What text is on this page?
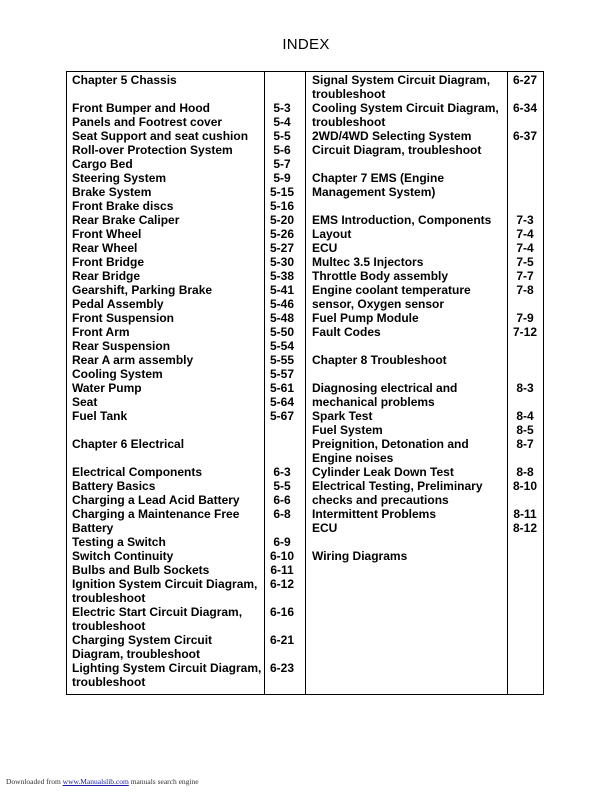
INDEX
Chapter 5 Chassis
Front Bumper and Hood	5-3
Panels and Footrest cover	5-4
Seat Support and seat cushion	5-5
Roll-over Protection System	5-6
Cargo Bed	5-7
Steering System	5-9
Brake System	5-15
Front Brake discs	5-16
Rear Brake Caliper	5-20
Front Wheel	5-26
Rear Wheel	5-27
Front Bridge	5-30
Rear Bridge	5-38
Gearshift, Parking Brake	5-41
Pedal Assembly	5-46
Front Suspension	5-48
Front Arm	5-50
Rear Suspension	5-54
Rear A arm assembly	5-55
Cooling System	5-57
Water Pump	5-61
Seat	5-64
Fuel Tank	5-67
Chapter 6 Electrical
Electrical Components	6-3
Battery Basics	5-5
Charging a Lead Acid Battery	6-6
Charging a Maintenance Free Battery
6-8
Testing a Switch	6-9
Switch Continuity	6-10
Bulbs and Bulb Sockets	6-11
Ignition System Circuit Diagram, troubleshoot
6-12
Electric Start Circuit Diagram, troubleshoot
6-16
Charging System Circuit Diagram, troubleshoot
6-21
Lighting System Circuit Diagram, troubleshoot
6-23
Signal System Circuit Diagram, troubleshoot
6-27
Cooling System Circuit Diagram, troubleshoot
6-34
2WD/4WD Selecting System Circuit Diagram, troubleshoot
6-37
Chapter 7 EMS (Engine Management System)
EMS Introduction, Components	7-3
Layout	7-4
ECU	7-4
Multec 3.5 Injectors	7-5
Throttle Body assembly	7-7
Engine coolant temperature sensor, Oxygen sensor
7-8
Fuel Pump Module	7-9
Fault Codes	7-12
Chapter 8 Troubleshoot
Diagnosing electrical and mechanical problems
8-3
Spark Test	8-4
Fuel System	8-5
Preignition, Detonation and Engine noises
8-7
Cylinder Leak Down Test	8-8
Electrical Testing, Preliminary checks and precautions
8-10
Intermittent Problems	8-11
ECU	8-12
Wiring Diagrams
Downloaded from www.Manualslib.com manuals search engine
